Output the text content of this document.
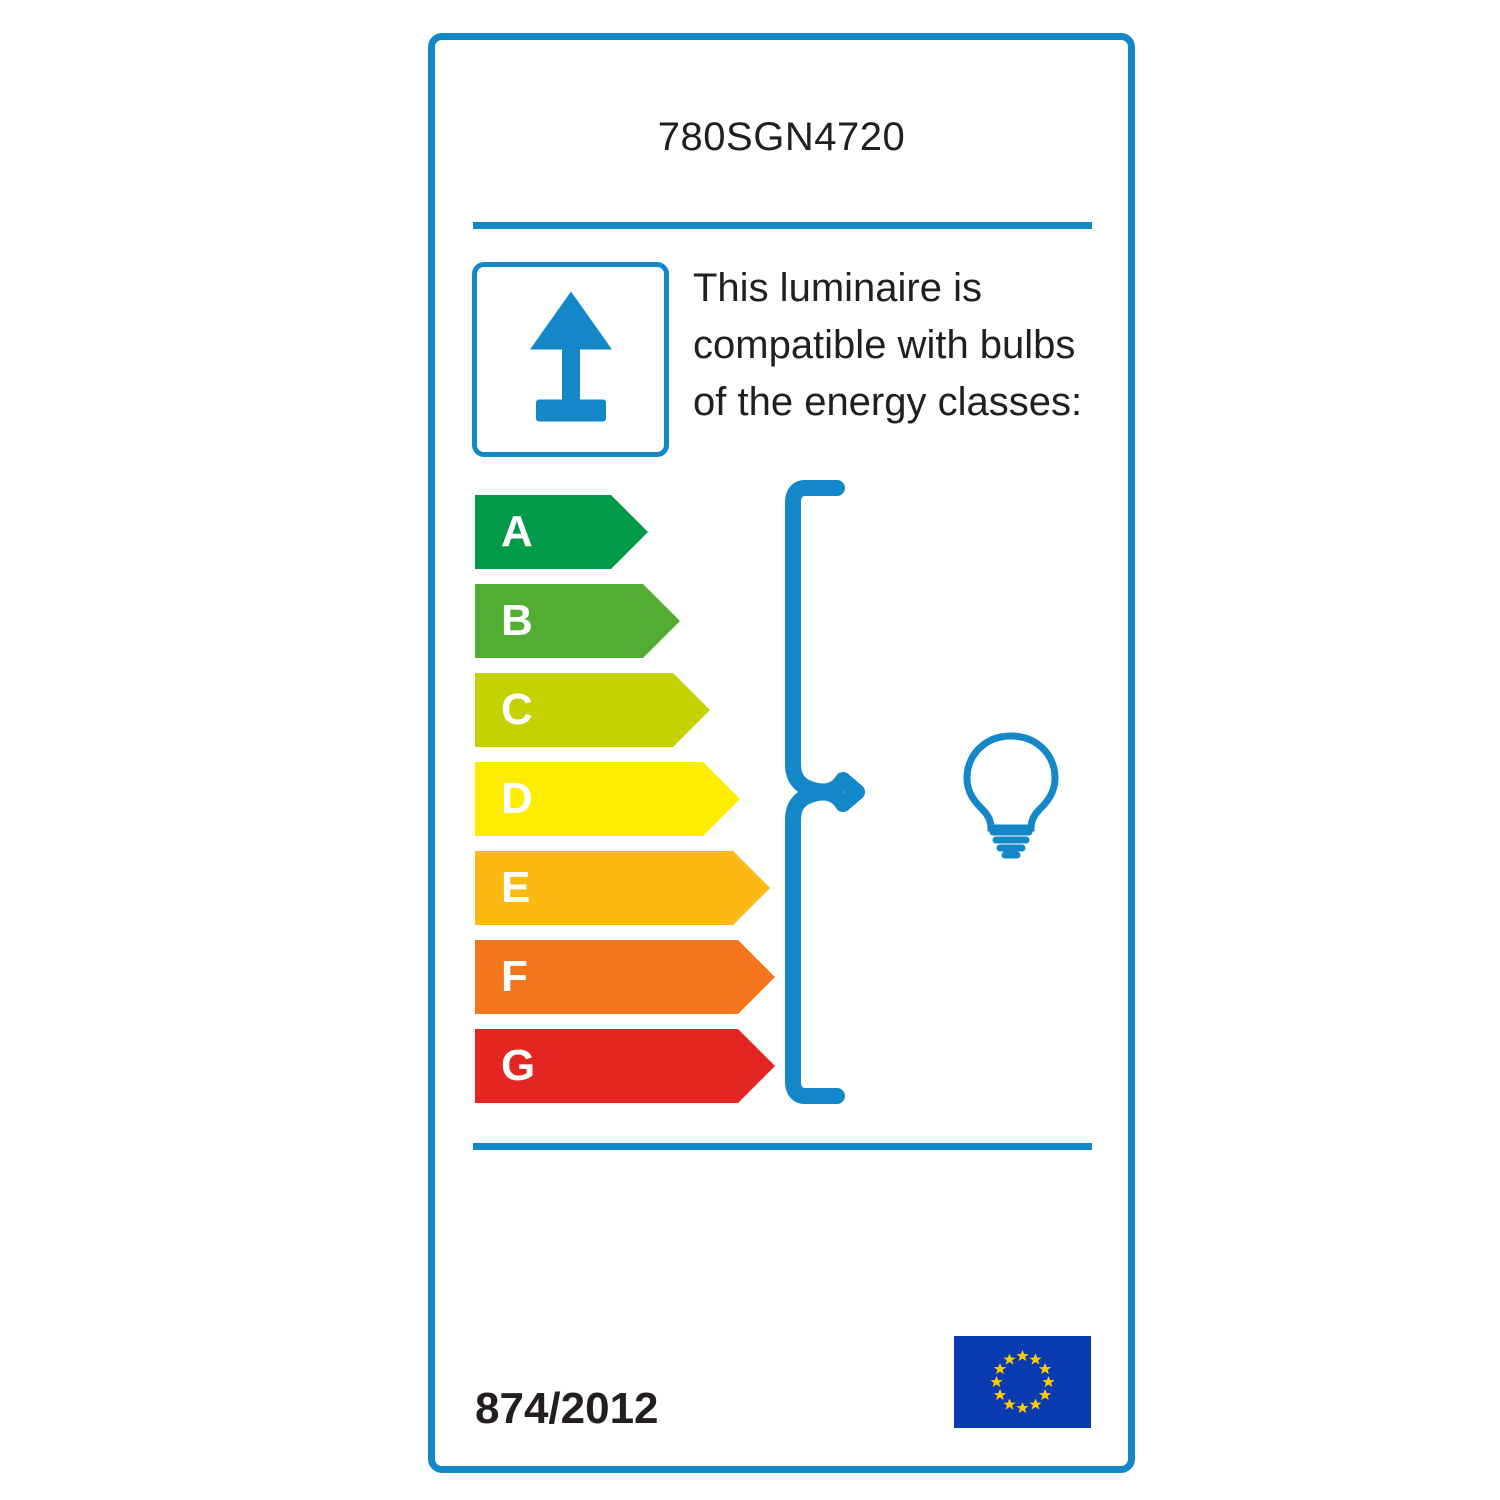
780SGN4720
This luminaire is
compatible with bulbs
of the energy classes:
A
B
C
D
E
F
G
874/2012
